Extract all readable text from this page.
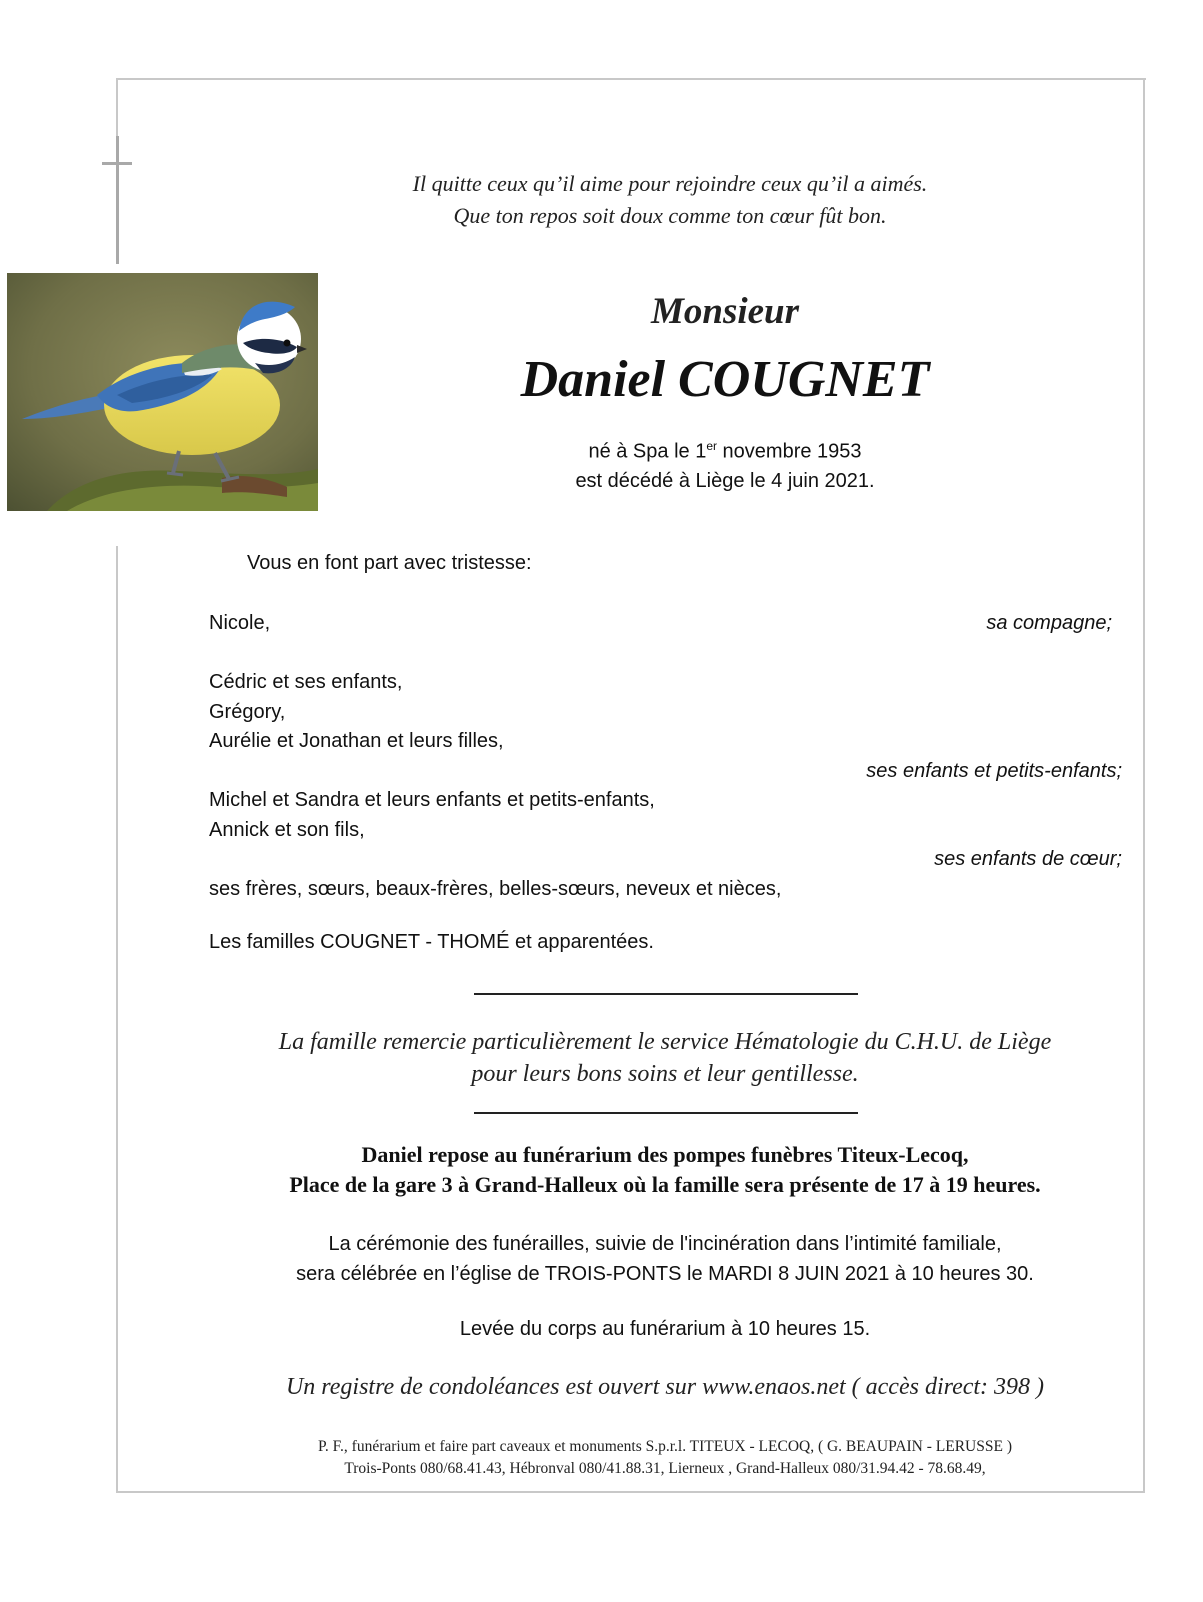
Il quitte ceux qu’il aime pour rejoindre ceux qu’il a aimés.
Que ton repos soit doux comme ton cœur fût bon.
Monsieur
Daniel COUGNET
né à Spa le 1er novembre 1953
est décédé à Liège le 4 juin 2021.
Vous en font part avec tristesse:
Nicole,	sa compagne;
Cédric et ses enfants,
Grégory,
Aurélie et Jonathan et leurs filles,
ses enfants et petits-enfants;
Michel et Sandra et leurs enfants et petits-enfants,
Annick et son fils,
ses enfants de cœur;
ses frères, sœurs, beaux-frères, belles-sœurs, neveux et nièces,
Les familles COUGNET - THOMÉ et apparentées.
La famille remercie particulièrement le service Hématologie du C.H.U. de Liège
pour leurs bons soins et leur gentillesse.
Daniel repose au funérarium des pompes funèbres Titeux-Lecoq,
Place de la gare 3 à Grand-Halleux où la famille sera présente de 17 à 19 heures.
La cérémonie des funérailles, suivie de l'incinération dans l’intimité familiale,
sera célébrée en l’église de TROIS-PONTS le MARDI 8 JUIN 2021 à 10 heures 30.
Levée du corps au funérarium à 10 heures 15.
Un registre de condoléances est ouvert sur www.enaos.net ( accès direct: 398 )
P. F., funérarium et faire part caveaux et monuments S.p.r.l. TITEUX - LECOQ, ( G. BEAUPAIN - LERUSSE )
Trois-Ponts 080/68.41.43, Hébronval 080/41.88.31, Lierneux , Grand-Halleux 080/31.94.42 - 78.68.49,
